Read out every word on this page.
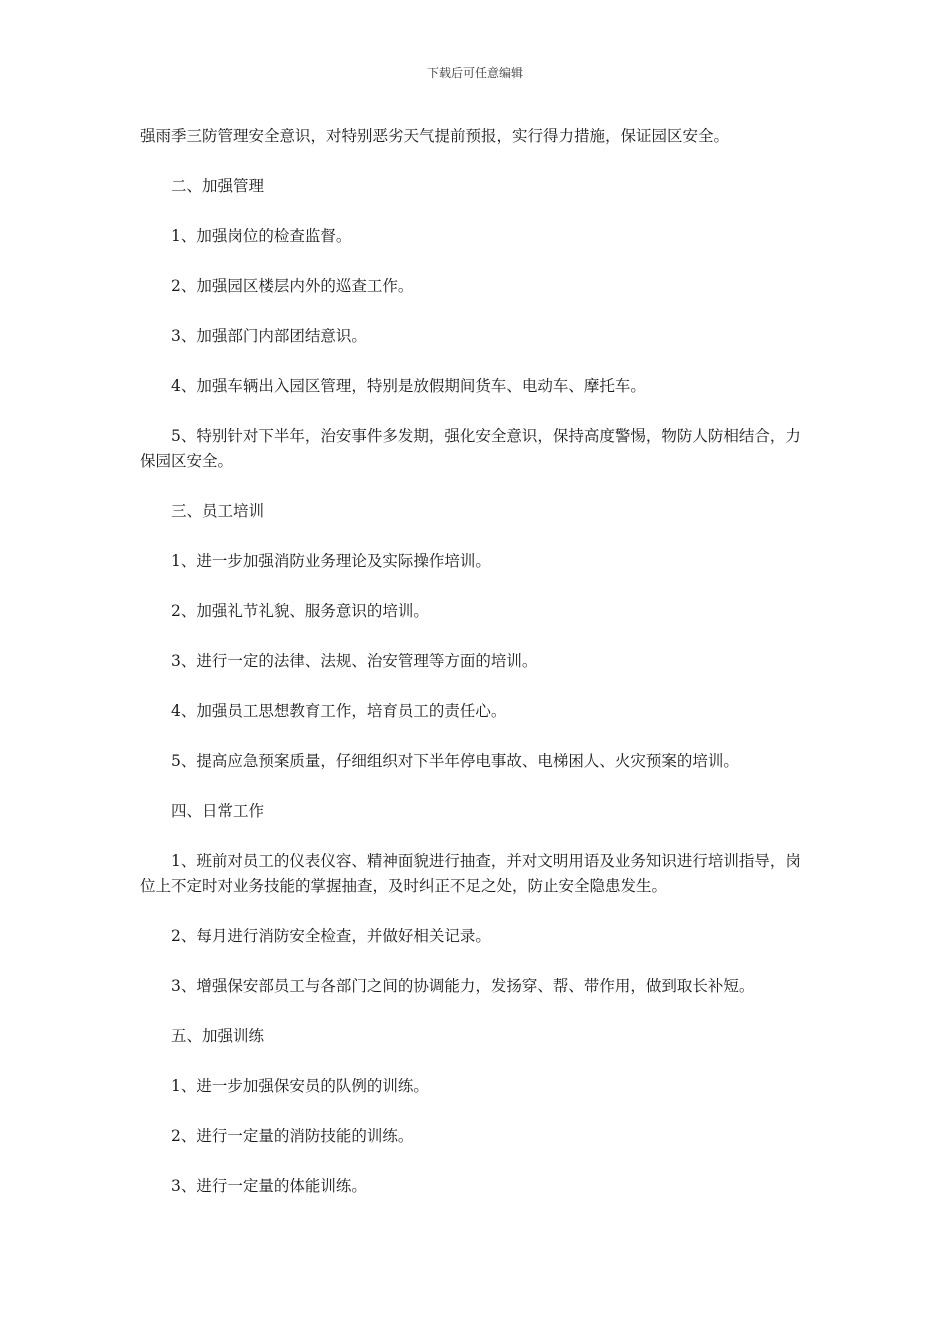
下载后可任意编辑

强雨季三防管理安全意识，对特别恶劣天气提前预报，实行得力措施，保证园区安全。

二、加强管理

1、加强岗位的检查监督。

2、加强园区楼层内外的巡查工作。

3、加强部门内部团结意识。

4、加强车辆出入园区管理，特别是放假期间货车、电动车、摩托车。

5、特别针对下半年，治安事件多发期，强化安全意识，保持高度警惕，物防人防相结合，力保园区安全。

三、员工培训

1、进一步加强消防业务理论及实际操作培训。

2、加强礼节礼貌、服务意识的培训。

3、进行一定的法律、法规、治安管理等方面的培训。

4、加强员工思想教育工作，培育员工的责任心。

5、提高应急预案质量，仔细组织对下半年停电事故、电梯困人、火灾预案的培训。

四、日常工作

1、班前对员工的仪表仪容、精神面貌进行抽查，并对文明用语及业务知识进行培训指导，岗位上不定时对业务技能的掌握抽查，及时纠正不足之处，防止安全隐患发生。

2、每月进行消防安全检查，并做好相关记录。

3、增强保安部员工与各部门之间的协调能力，发扬穿、帮、带作用，做到取长补短。

五、加强训练

1、进一步加强保安员的队例的训练。

2、进行一定量的消防技能的训练。

3、进行一定量的体能训练。
